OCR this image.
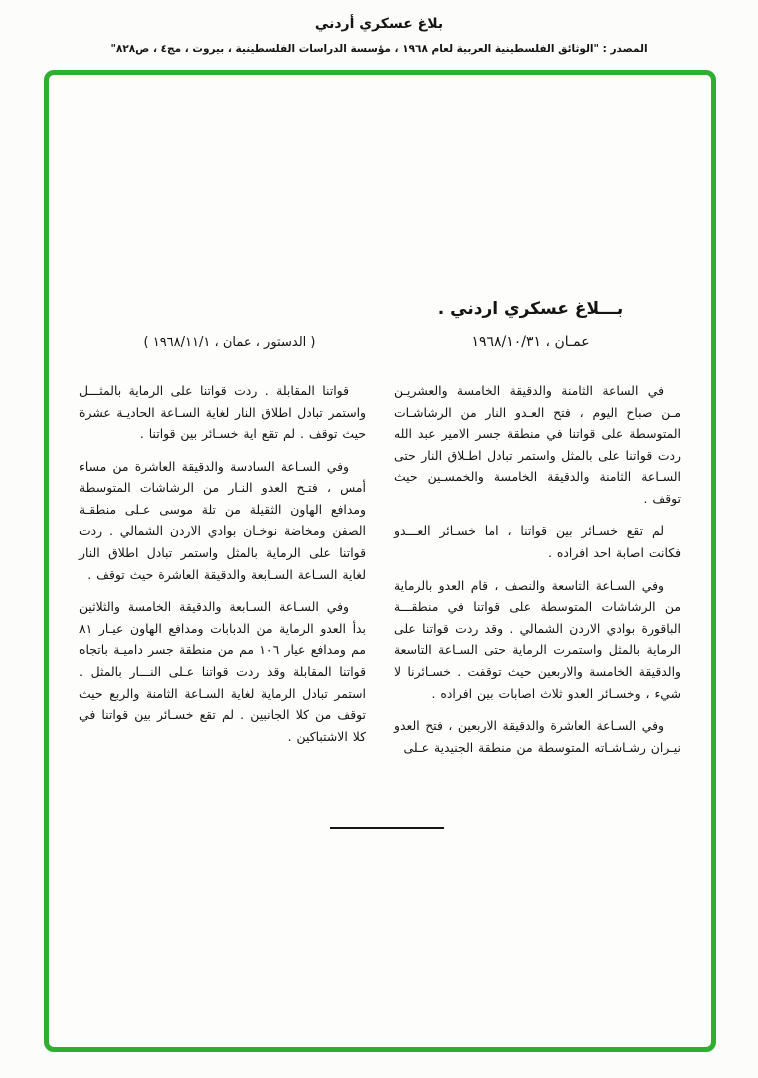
بلاغ عسكري أردني
المصدر : "الوثائق الفلسطينية العربية لعام ١٩٦٨ ، مؤسسة الدراسات الفلسطينية ، بيروت ، مج٤ ، ص٨٢٨"
بـــلاغ عسكري اردني .
عمـان ، ١٩٦٨/١٠/٣١
( الدستور ، عمان ، ١٩٦٨/١١/١ )

في الساعة الثامنة والدقيقة الخامسة والعشريـن مـن صباح اليوم ، فتح العـدو النار من الرشاشـات المتوسطة على قواتنا في منطقة جسر الامير عبد الله ردت قواتنا على بالمثل واستمر تبادل اطـلاق النار حتى السـاعة الثامنة والدقيقة الخامسة والخمسـين حيث توقف .

لم تقع خسـائر بين قواتنا ، اما خسـائر العـــدو فكانت اصابة احد افراده .

وفي السـاعة التاسعة والنصف ، قام العدو بالرماية من الرشاشات المتوسطة على قواتنا في منطقـــة الباقورة بوادي الاردن الشمالي . وقد ردت قواتنا على الرماية بالمثل واستمرت الرماية حتى السـاعة التاسعة والدقيقة الخامسة والاربعين حيث توقفت . خسـائرنا لا شيء ، وخسـائر العدو ثلاث اصابات بين افراده .

وفي السـاعة العاشرة والدقيقة الاربعين ، فتح العدو نيـران رشـاشـاته المتوسطة من منطقة الجنيدية عـلى

قواتنا المقابلة . ردت قواتنا على الرماية بالمثـــل واستمر تبادل اطلاق النار لغاية السـاعة الحاديـة عشرة حيث توقف . لم تقع اية خسـائر بين قواتنا .

وفي السـاعة السادسة والدقيقة العاشرة من مساء أمس ، فتـح العدو النـار من الرشاشات المتوسطة ومدافع الهاون الثقيلة من تلة موسى عـلى منطقـة الصفن ومخاضة نوخـان بوادي الاردن الشمالي . ردت قواتنا على الرماية بالمثل واستمر تبادل اطلاق النار لغاية السـاعة السـابعة والدقيقة العاشرة حيث توقف .

وفي السـاعة السـابعة والدقيقة الخامسة والثلاثين بدأ العدو الرماية من الدبابات ومدافع الهاون عيـار ٨١ مم ومدافع عيار ١٠٦ مم من منطقة جسر داميـة باتجاه قواتنا المقابلة وقد ردت قواتنا عـلى النـــار بالمثل . استمر تبادل الرماية لغاية السـاعة الثامنة والربع حيث توقف من كلا الجانبين . لم تقع خسـائر بين قواتنا في كلا الاشتباكين .
